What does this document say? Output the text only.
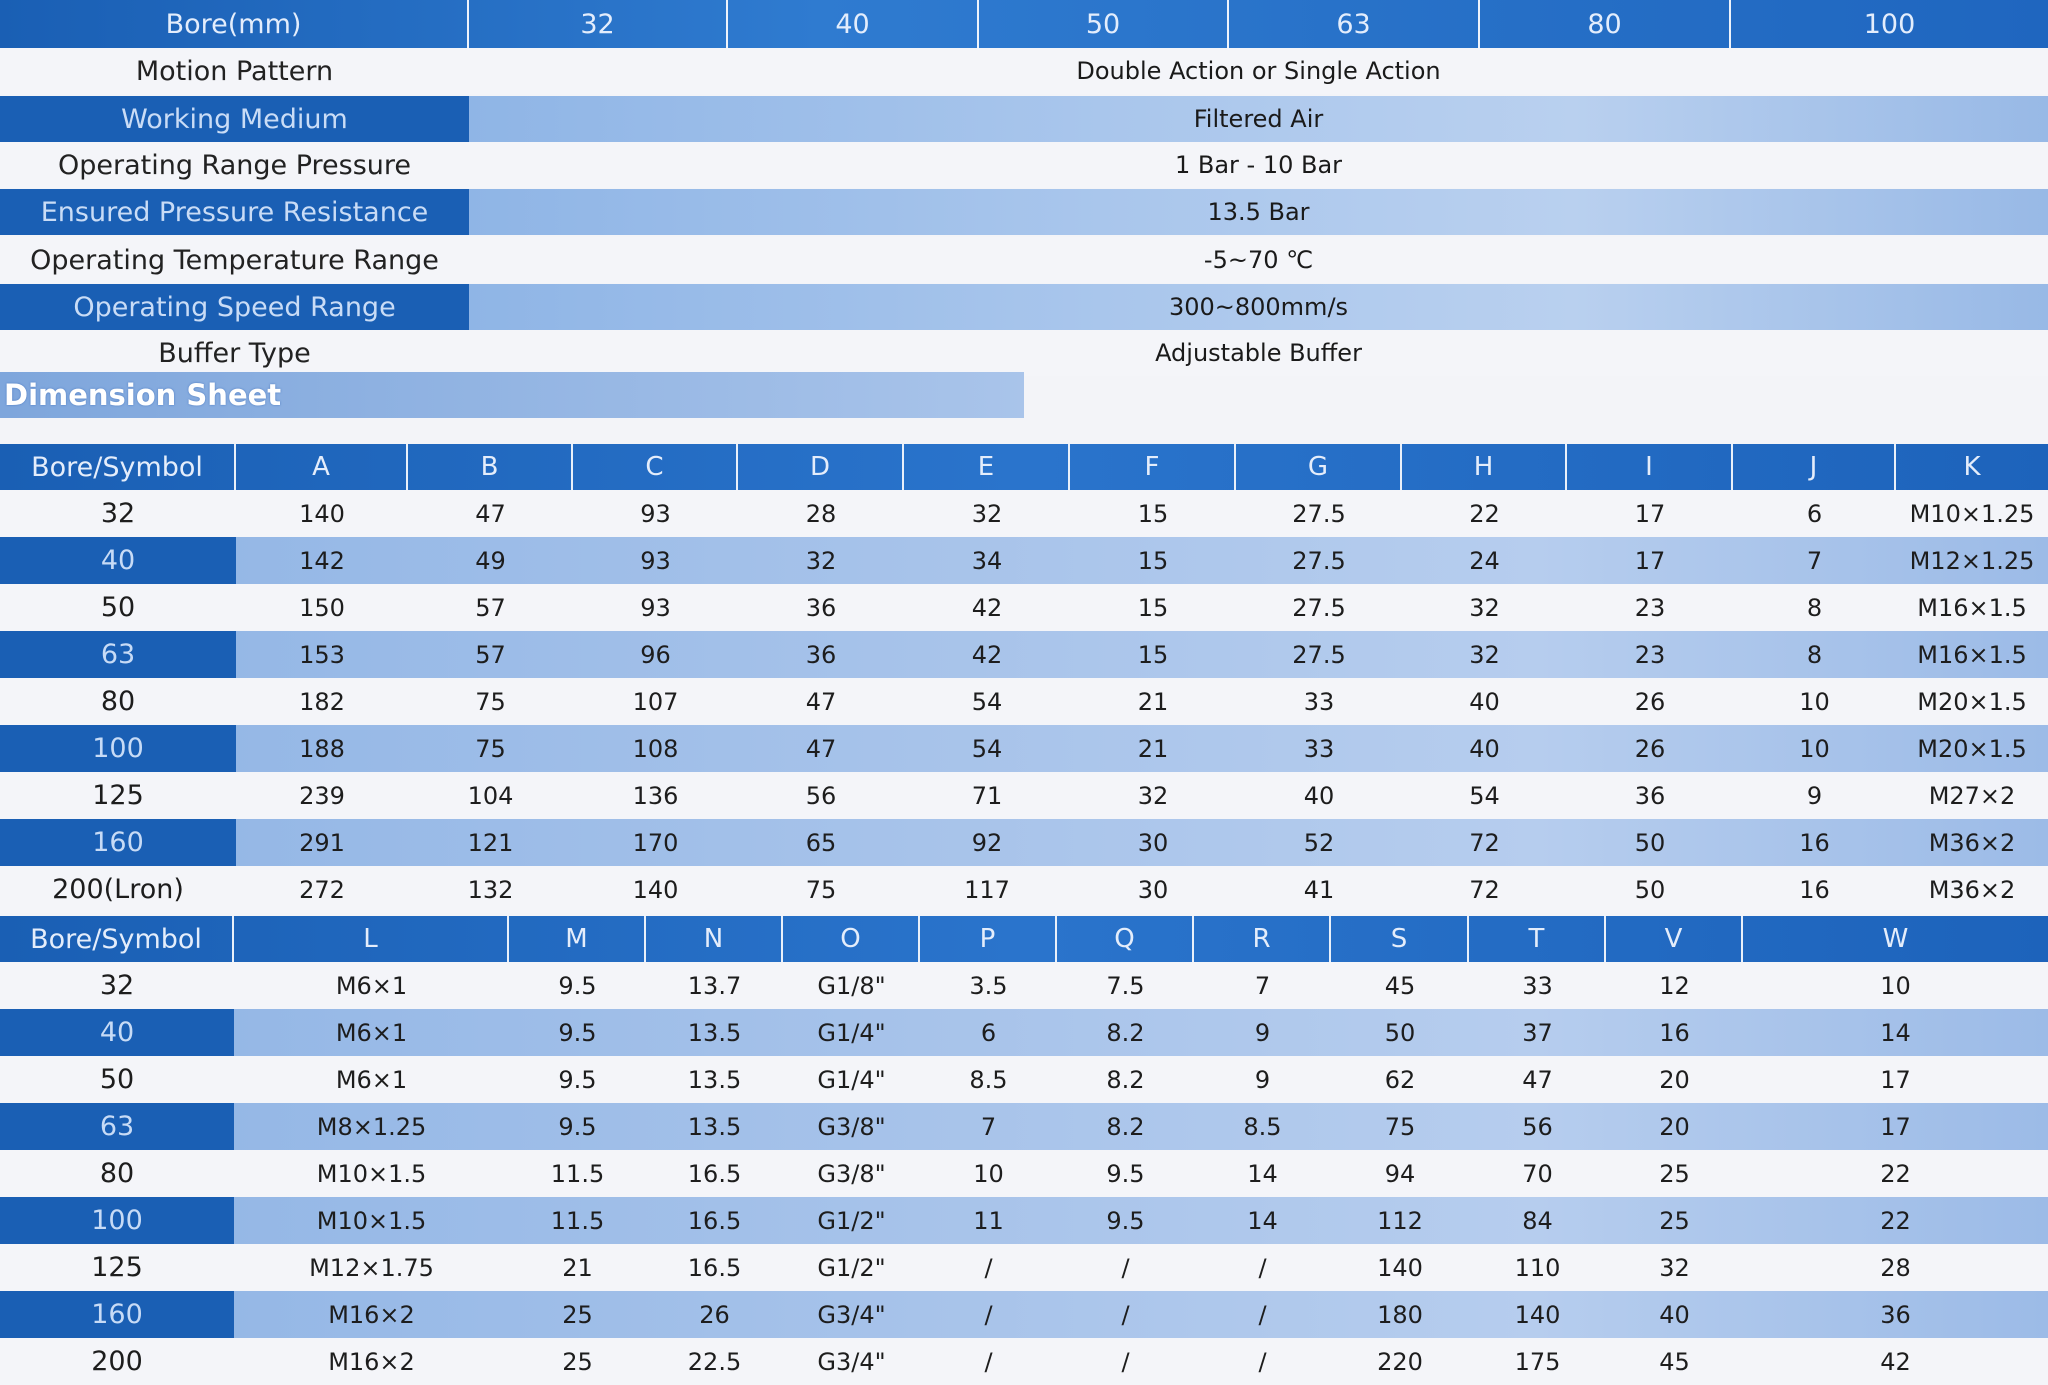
Bore(mm)	32	40	50	63	80	100
Motion Pattern	Double Action or Single Action
Working Medium	Filtered Air
Operating Range Pressure	1 Bar - 10 Bar
Ensured Pressure Resistance	13.5 Bar
Operating Temperature Range	-5~70 ℃
Operating Speed Range	300~800mm/s
Buffer Type	Adjustable Buffer
Dimension Sheet
Bore/Symbol	A	B	C	D	E	F	G	H	I	J	K
32	140	47	93	28	32	15	27.5	22	17	6	M10×1.25
40	142	49	93	32	34	15	27.5	24	17	7	M12×1.25
50	150	57	93	36	42	15	27.5	32	23	8	M16×1.5
63	153	57	96	36	42	15	27.5	32	23	8	M16×1.5
80	182	75	107	47	54	21	33	40	26	10	M20×1.5
100	188	75	108	47	54	21	33	40	26	10	M20×1.5
125	239	104	136	56	71	32	40	54	36	9	M27×2
160	291	121	170	65	92	30	52	72	50	16	M36×2
200(Lron)	272	132	140	75	117	30	41	72	50	16	M36×2
Bore/Symbol	L	M	N	O	P	Q	R	S	T	V	W
32	M6×1	9.5	13.7	G1/8"	3.5	7.5	7	45	33	12	10
40	M6×1	9.5	13.5	G1/4"	6	8.2	9	50	37	16	14
50	M6×1	9.5	13.5	G1/4"	8.5	8.2	9	62	47	20	17
63	M8×1.25	9.5	13.5	G3/8"	7	8.2	8.5	75	56	20	17
80	M10×1.5	11.5	16.5	G3/8"	10	9.5	14	94	70	25	22
100	M10×1.5	11.5	16.5	G1/2"	11	9.5	14	112	84	25	22
125	M12×1.75	21	16.5	G1/2"	/	/	/	140	110	32	28
160	M16×2	25	26	G3/4"	/	/	/	180	140	40	36
200	M16×2	25	22.5	G3/4"	/	/	/	220	175	45	42
